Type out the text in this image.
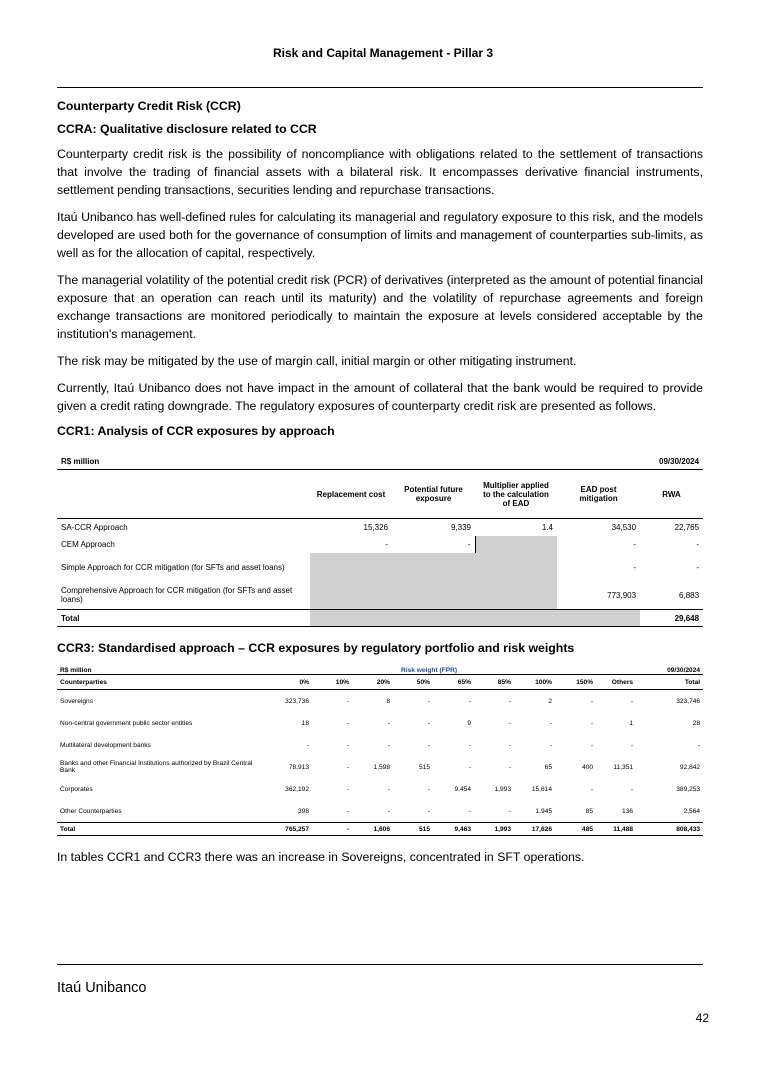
Risk and Capital Management - Pillar 3
Counterparty Credit Risk (CCR)
CCRA: Qualitative disclosure related to CCR

Counterparty credit risk is the possibility of noncompliance with obligations related to the settlement of transactions that involve the trading of financial assets with a bilateral risk. It encompasses derivative financial instruments, settlement pending transactions, securities lending and repurchase transactions.

Itaú Unibanco has well-defined rules for calculating its managerial and regulatory exposure to this risk, and the models developed are used both for the governance of consumption of limits and management of counterparties sub-limits, as well as for the allocation of capital, respectively.

The managerial volatility of the potential credit risk (PCR) of derivatives (interpreted as the amount of potential financial exposure that an operation can reach until its maturity) and the volatility of repurchase agreements and foreign exchange transactions are monitored periodically to maintain the exposure at levels considered acceptable by the institution's management.

The risk may be mitigated by the use of margin call, initial margin or other mitigating instrument.

Currently, Itaú Unibanco does not have impact in the amount of collateral that the bank would be required to provide given a credit rating downgrade. The regulatory exposures of counterparty credit risk are presented as follows.

CCR1: Analysis of CCR exposures by approach
R$ million					09/30/2024
	Replacement cost	Potential future exposure	Multiplier applied to the calculation of EAD	EAD post mitigation	RWA
SA-CCR Approach	15,326	9,339	1.4	34,530	22,765
CEM Approach	-	-		-	-
Simple Approach for CCR mitigation (for SFTs and asset loans)				-	-
Comprehensive Approach for CCR mitigation (for SFTs and asset loans)				773,903	6,883
Total					29,648
CCR3: Standardised approach – CCR exposures by regulatory portfolio and risk weights
R$ million	Risk weight (FPR)								09/30/2024	
Counterparties	0%	10%	20%	50%	65%	85%	100%	150%	Others	Total
Sovereigns	323,736	-	8	-	-	-	2	-	-	323,746
Non-central government public sector entities	18	-	-	-	9	-	-	-	1	28
Multilateral development banks	-	-	-	-	-	-	-	-	-	-
Banks and other Financial Institutions authorized by Brazil Central Bank	78,913	-	1,598	515	-	-	65	400	11,351	92,842
Corporates	362,192	-	-	-	9,454	1,993	15,614	-	-	389,253
Other Counterparties	398	-	-	-	-	-	1,945	85	136	2,564
Total	765,257	-	1,606	515	9,463	1,993	17,626	485	11,488	808,433

In tables CCR1 and CCR3 there was an increase in Sovereigns, concentrated in SFT operations.

Itaú Unibanco
42
